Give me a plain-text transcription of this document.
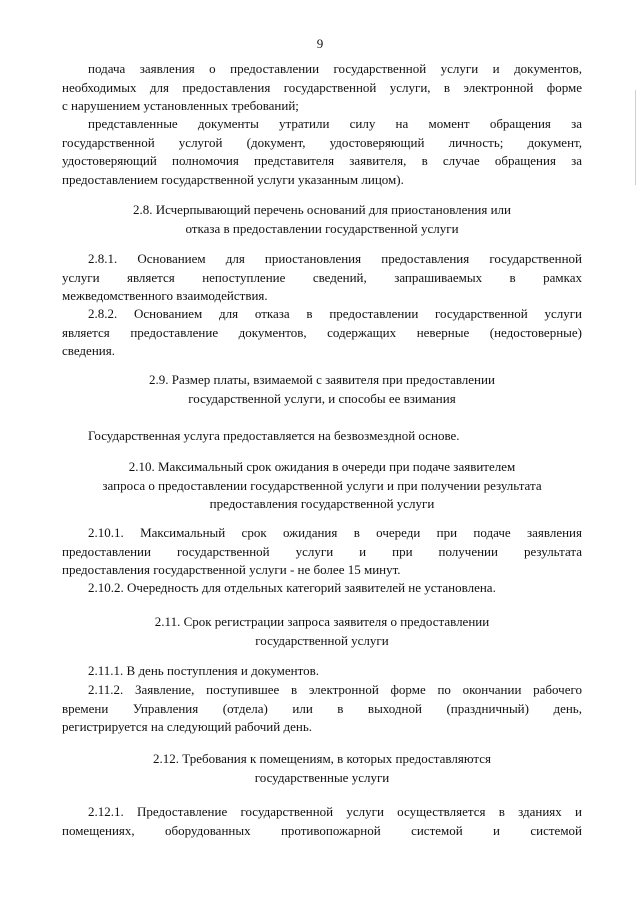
9
подача заявления о предоставлении государственной услуги и документов,
необходимых для предоставления государственной услуги, в электронной форме
с нарушением установленных требований;
представленные документы утратили силу на момент обращения за
государственной услугой (документ, удостоверяющий личность; документ,
удостоверяющий полномочия представителя заявителя, в случае обращения за
предоставлением государственной услуги указанным лицом).
2.8. Исчерпывающий перечень оснований для приостановления или
отказа в предоставлении государственной услуги
2.8.1. Основанием для приостановления предоставления государственной
услуги является непоступление сведений, запрашиваемых в рамках
межведомственного взаимодействия.
2.8.2. Основанием для отказа в предоставлении государственной услуги
является предоставление документов, содержащих неверные (недостоверные)
сведения.
2.9. Размер платы, взимаемой с заявителя при предоставлении
государственной услуги, и способы ее взимания
Государственная услуга предоставляется на безвозмездной основе.
2.10. Максимальный срок ожидания в очереди при подаче заявителем
запроса о предоставлении государственной услуги и при получении результата
предоставления государственной услуги
2.10.1. Максимальный срок ожидания в очереди при подаче заявления
предоставлении государственной услуги и при получении результата
предоставления государственной услуги - не более 15 минут.
2.10.2. Очередность для отдельных категорий заявителей не установлена.
2.11. Срок регистрации запроса заявителя о предоставлении
государственной услуги
2.11.1. В день поступления и документов.
2.11.2. Заявление, поступившее в электронной форме по окончании рабочего
времени Управления (отдела) или в выходной (праздничный) день,
регистрируется на следующий рабочий день.
2.12. Требования к помещениям, в которых предоставляются
государственные услуги
2.12.1. Предоставление государственной услуги осуществляется в зданиях и
помещениях, оборудованных противопожарной системой и системой
